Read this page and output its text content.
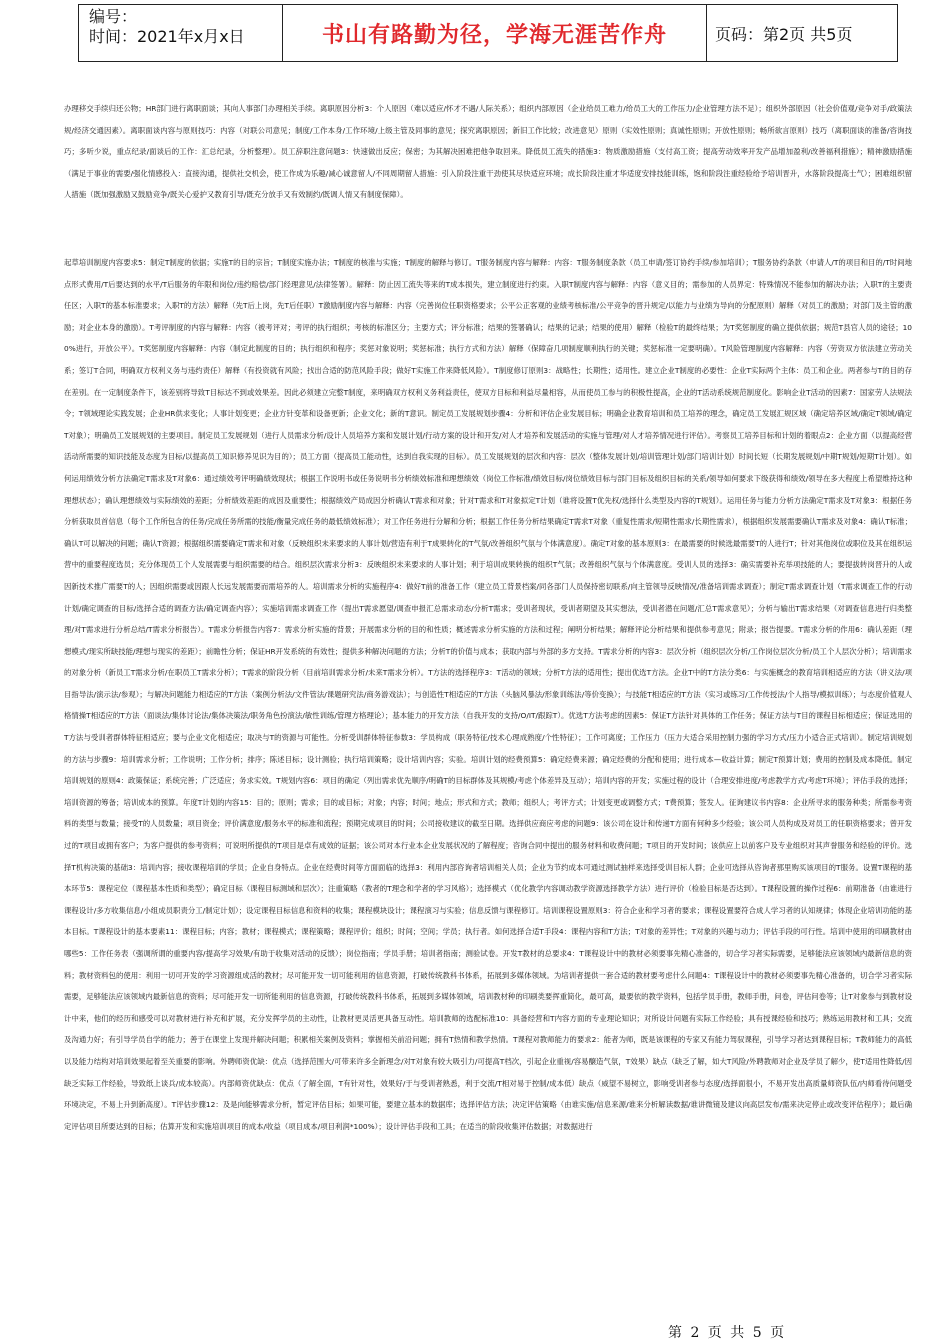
编号：
时间：2021年x月x日	书山有路勤为径，学海无涯苦作舟	页码：第2页 共5页
办理移交手续归还公物；HR部门进行离职面谈；其向人事部门办理相关手续。离职原因分析3：个人原因（难以适应/怀才不遇/人际关系）；组织内部原因（企业给员工难力/给员工大的工作压力/企业管理方法不足）；组织外部原因（社会价值观/竞争对手/政策法规/经济交通因素）。离职面谈内容与原则技巧：内容（对联公司意见；制度/工作本身/工作环境/上级主管及同事的意见；探究离职原因；新旧工作比较；改进意见）原则（实效性原则；真诚性原则；开放性原则；畅所欲言原则）技巧（离职面谈的准备/咨询技巧；多听少说，重点纪录/面谈后的工作：汇总纪录，分析整理）。员工辞职注意问题3：快速做出反应；保密；为其解决困难把他争取回来。降低员工流失的措施3：物质激励措施（支付高工资；提高劳动效率开发产品增加盈利/改善福利措施）；精神激励措施（满足于事业的需要/强化情感投入：直接沟通，提供社交机会，使工作成为乐趣/减心诚意留人/不同周期留人措施：引入阶段注重干劲使其尽快适应环境；成长阶段注重才华适度安排技能训练，饱和阶段注重经验给予培训晋升，水落阶段提高士气）；困难组织留人措施（既加强激励又鼓励竞争/既关心爱护又教育引导/既充分放手又有效制约/既调人情又有制度保障）。
起草培训制度内容要求5：制定T制度的依据；实施T的目的宗旨；T制度实施办法；T制度的核准与实施；T制度的解释与修订。T服务制度内容与解释：内容：T服务制度条款（员工申请/签订协约手续/参加培训）；T服务协约条款（申请人/T的项目和目的/T时间地点形式费用/T后要达到的水平/T后服务的年限和岗位/违约赔偿/部门经理意见/法律签署）。解释：防止因工流失等来的T成本损失，建立制度进行约束。入职T制度内容与解释：内容（意义目的；需参加的人员界定：特殊情况不能参加的解决办法；入职T的主要责任区；入职T的基本标准要求；入职T的方法）解释（先T后上岗，先T后任职）T激励制度内容与解释：内容（完善岗位任职资格要求；公平公正客观的业绩考核标准/公平竞争的晋升规定/以能力与业绩为导向的分配原则）解释（对员工的激励；对部门及主管的激励；对企业本身的激励）。T考评制度的内容与解释：内容（被考评对；考评的执行组织；考核的标准区分；主要方式；评分标准；结果的签署确认；结果的记录；结果的使用）解释（检验T的最终结果；为T奖惩制度的确立提供依据；规范T县官人员的途径；100%进行，开放公平）。T奖惩制度内容解释：内容（制定此制度的目的；执行组织和程序；奖惩对象说明；奖惩标准；执行方式和方法）解释（保障奋几项制度顺利执行的关键；奖惩标准一定要明确）。T风险管理制度内容解释：内容（劳资双方依法建立劳动关系；签订T合同，明确双方权利义务与违约责任）解释（有投资就有风险；找出合适的防范风险手段；做好T实施工作来降低风险）。T制度修订原则3：战略性；长期性；适用性。建立企业T制度的必要性：企业T实际两个主体：员工和企业。两者参与T的目的存在差别。在一定制度条件下，该差别将导致T目标达不到或效果差。因此必须建立完整T制度，来明确双方权利义务利益责任，使双方目标和利益尽量相容，从而使员工参与的积极性提高，企业的T活动系统规范制度化。影响企业T活动的因素7：国家劳人法规法令；T领域理论实践发展；企业HR供求变化；人事计划变更；企业方针变革和设备更新；企业文化；新的T意识。制定员工发展规划步骤4：分析和评估企业发展目标；明确企业教育培训和员工培养的理念，确定员工发展汇规区域（确定培养区域/确定T领域/确定T对象）；明确员工发展规划的主要项目。制定员工发展规划（进行人员需求分析/设计人员培养方案和发展计划/行动方案的设计和开发/对人才培养和发展活动的实施与管理/对人才培养情况进行评估）。考察员工培养目标和计划的着眼点2：企业方面（以提高经营活动所需要的知识技能及态度为目标/以提高员工知识修养见识为目的）；员工方面（提高员工能动性，达到自我实现的目标）。员工发展规划的层次和内容：层次（整体发展计划/培训管理计划/部门培训计划）时间长短（长期发展规划/中期T规划/短期T计划）。如何运用绩效分析方法确定T需求及T对象6：通过绩效考评明确绩效现状；根据工作说明书或任务说明书分析绩效标准和理想绩效（岗位工作标准/绩效目标/岗位绩效目标与部门目标及组织目标的关系/领导如何要求下级获得和绩效/领导在多大程度上希望维持这种理想状态）；确认理想绩效与实际绩效的差距；分析绩效差距的成因及重要性；根据绩效产局成因分析确认T需求和对象；针对T需求和T对象拟定T计划（谁将设置T优先权/选择什么类型及内容的T规划）。运用任务与能力分析方法确定T需求及T对象3：根据任务分析获取员首信息（每个工作所包含的任务/完成任务所需的技能/衡量完成任务的最低绩效标准）；对工作任务进行分解和分析；根据工作任务分析结果确定T需求T对象（重复性需求/短期性需求/长期性需求），根据组织发展需要确认T需求及对象4：确认T标准；确认T可以解决的问题；确认T资源；根据组织需要确定T需求和对象（反映组织未来要求的人事计划/营造有利于T成果转化的T气氛/改善组织气氛与个体满意度）。确定T对象的基本原则3：在最需要的时候选最需要T的人进行T；针对其他岗位或职位及其在组织运营中的重要程度选员；充分体现员工个人发展需要与组织需要的结合。组织层次需求分析3：反映组织未来要求的人事计划；利于培训成果转换的组织T气氛；改善组织气氛与个体满意度。受训人员的选择3：确实需要补充举项技能的人；要提拔转岗晋升的人或因新技术推广需要T的人；因组织需要或因跟人长远发展需要而需培养的人。培训需求分析的实施程序4：做好T前的准备工作（建立员工背景档案/同各部门人员保持密切联系/向主管领导反映情况/准备培训需求调查）；制定T需求调查计划（T需求调查工作的行动计划/确定调查的目标/选择合适的调查方法/确定调查内容）；实施培训需求调查工作（提出T需求愿望/调查申报汇总需求动态/分析T需求；受训者现状，受训者期望及其实想法，受训者潜在问题/汇总T需求意见）；分析与输出T需求结果（对调查信息进行归类整理/对T需求进行分析总结/T需求分析报告）。T需求分析报告内容7：需求分析实施的背景；开展需求分析的目的和性质；概述需求分析实施的方法和过程；阐明分析结果；解释评论分析结果和提供参考意见；附录；报告提要。T需求分析的作用6：确认差距（理想模式/现实所缺技能/理想与现实的差距）；前瞻性分析；保证HR开发系统的有效性；提供多种解决问题的方法；分析T的价值与成本；获取内部与外部的多方支持。T需求分析的内容3：层次分析（组织层次分析/工作岗位层次分析/员工个人层次分析）；培训需求的对象分析（新员工T需求分析/在职员工T需求分析）；T需求的阶段分析（目前培训需求分析/未来T需求分析）。T方法的选择程序3：T活动的领域；分析T方法的适用性；提出优选T方法。企业T中的T方法分类6：与实施概念的教育培训相适应的方法（讲义法/项目指导法/演示法/参观）；与解决问题能力相适应的T方法（案例分析法/文件管法/课题研究法/商务游戏法）；与创造性T相适应的T方法（头脑风暴法/形象训练法/等价变换）；与技能T相适应的T方法（实习或练习/工作传授法/个人指导/模拟训练）；与态度价值观人格情操T相适应的T方法（面谈法/集体讨论法/集体决策法/职务角色扮演法/敏性训练/管理方格理论）；基本能力的开发方法（自我开发的支持/O/IT/跟踪T）。优选T方法考虑的因素5：保证T方法针对具体的工作任务；保证方法与T目的课程目标相适应；保证选用的T方法与受训者群体特征相适应；要与企业文化相适应；取决与T的资源与可能性。分析受训群体特征参数3：学员构成（职务特征/技术心理成熟度/个性特征）；工作可离度；工作压力（压力大适合采用控制力强的学习方式/压力小适合正式培训）。制定培训规划的方法与步骤9：培训需求分析；工作说明；工作分析；排序；陈述目标；设计测验；执行培训策略；设计培训内容；实验。培训计划的经费预算5：确定经费来源；确定经费的分配和使用；进行成本—收益计算；制定T预算计划；费用的控制及成本降低。制定培训规划的原则4：政策保证；系统完善；广泛适应；务求实效。T规划内容6：项目的确定（列出需求优先顺序/明确T的目标群体及其规模/考虑个体差异及互动）；培训内容的开发；实施过程的设计（合理安排进度/考虑教学方式/考虑T环境）；评估手段的选择；培训资源的筹备；培训成本的预算。年度T计划的内容15：目的；原则；需求；目的或目标；对象；内容；时间；地点；形式和方式；教师；组织人；考评方式；计划变更或调整方式；T费预算；签发人。征询建议书内容8：企业所寻求的服务种类；所需参考资料的类型与数量；接受T的人员数量；项目资金；评价满意度/服务水平的标准和流程；预期完成项目的时间；公司接收建议的截至日期。选择供应商应考虑的问题9：该公司在设计和传递T方面有何种多少经验；该公司人员构成及对员工的任职资格要求；曾开发过的T项目或拥有客户；为客户提供的参考资料；可说明所提供的T项目是卓有成效的证据；该公司对本行业本企业发展状况的了解程度；咨询合同中提出的服务材料和收费问题；T项目的开发时间；该供应上以前客户及专业组织对其声誉服务和经验的评价。选择T机构决策的基础3：培训内容；接收课程培训的学员；企业自身特点。企业在经费时间等方面面临的选择3：利用内部咨询者培训相关人员；企业为节约成本可通过测试抽样来选择受训目标人群；企业可选择从咨询者那里购买该项目的T服务。设置T课程的基本环节5：课程定位（课程基本性质和类型）；确定目标（课程目标测域和层次）；注重策略（教者的T理念和学者的学习风格）；选择模式（优化教学内容调动教学资源选择教学方法）进行评价（检验目标是否达到）。T课程设置的操作过程6：前期准备（由谁进行课程设计/多方收集信息/小组成员职责分工/制定计划）；设定课程目标信息和资料的收集；课程模块设计；课程演习与实验；信息反馈与课程修订。培训课程设置原则3：符合企业和学习者的要求；课程设置要符合成人学习者的认知规律；体现企业培训功能的基本目标。T课程设计的基本要素11：课程目标；内容；教材；课程模式；课程策略；课程评价；组织；时间；空间；学员；执行者。如何选择合适T手段4：课程内容和T方法；T对象的差异性；T对象的兴趣与动力；评估手段的可行性。培训中使用的印刷教材由哪些5：工作任务表（强调所谓的重要内容/提高学习效果/有助于收集对活动的反馈）；岗位指南；学员手册；培训者指南；测验试卷。开发T教材的总要求4：T课程设计中的教材必须要事先精心准备的，切合学习者实际需要，足够能法应该领域内最新信息的资料；教材资料包的使用：利用一切可开发的学习资源组成活的教材；尽可能开发一切可能利用的信息资源，打破传统教科书体系，拓展到多媒体领域。为培训者提供一套合适的教材要考虑什么问题4：T课程设计中的教材必须要事先精心准备的，切合学习者实际需要，足够能法应该领域内最新信息的资料；尽可能开发一切所能利用的信息资源，打破传统教科书体系，拓展到多媒体领域，培训教材种的印刷类要挥重简化，最可高，最要依的教学资料，包括学员手册，教师手册，问卷，评估问卷等；让T对象参与到教材设计中来，他们的经历和感受可以对教材进行补充和扩展，充分发挥学员的主动性，让教材更灵活更具备互动性。培训教师的选配标准10：具备经营和T内容方面的专业理论知识；对所设计问题有实际工作经验；具有授课经验和技巧；熟练运用教材和工具；交流及沟通力好；有引导学员自学的能力；善于在课堂上发现并解决问题；积累相关案例及资料；掌握相关前沿问题；拥有T热情和教学热情。T课程对教师能力的要求2：能者为师，既是该课程的专家又有能力驾驭课程，引导学习者达到课程目标；T教师能力的高低以及能力结构对培训效果起着至关重要的影响。外聘师资优缺：优点（选择范围大/可带来许多全新理念/对T对象有较大吸引力/可提高T档次，引起企业重视/容易醸造气氛，T效果）缺点（缺乏了解，如大T风险/外聘教师对企业及学员了解少，使T适用性降低/因缺乏实际工作经验，导致纸上谈兵/成本较高）。内部师资优缺点：优点（了解全面，T有针对性，效果好/于与受训者熟悉，利于交流/T相对易于控制/成本低）缺点（威望不易树立，影响受训者参与态度/选择面很小，不易开发出高质量师资队伍/内师看待问题受环境决定，不易上升到新高度）。T评估步骤12：及是向能够需求分析，暂定评估目标；如果可能，要建立基本的数据库；选择评估方法；决定评估策略（由谁实施/信息来源/谁来分析解读数据/谁讲微镜及建议向高层发布/需来决定停止或改变评估程序）；最后确定评估项目所要达到的目标；估算开发和实施培训项目的成本/收益（项目成本/项目利润*100%）；设计评估手段和工具；在适当的阶段收集评估数据；对数据进行
第 2 页 共 5 页
